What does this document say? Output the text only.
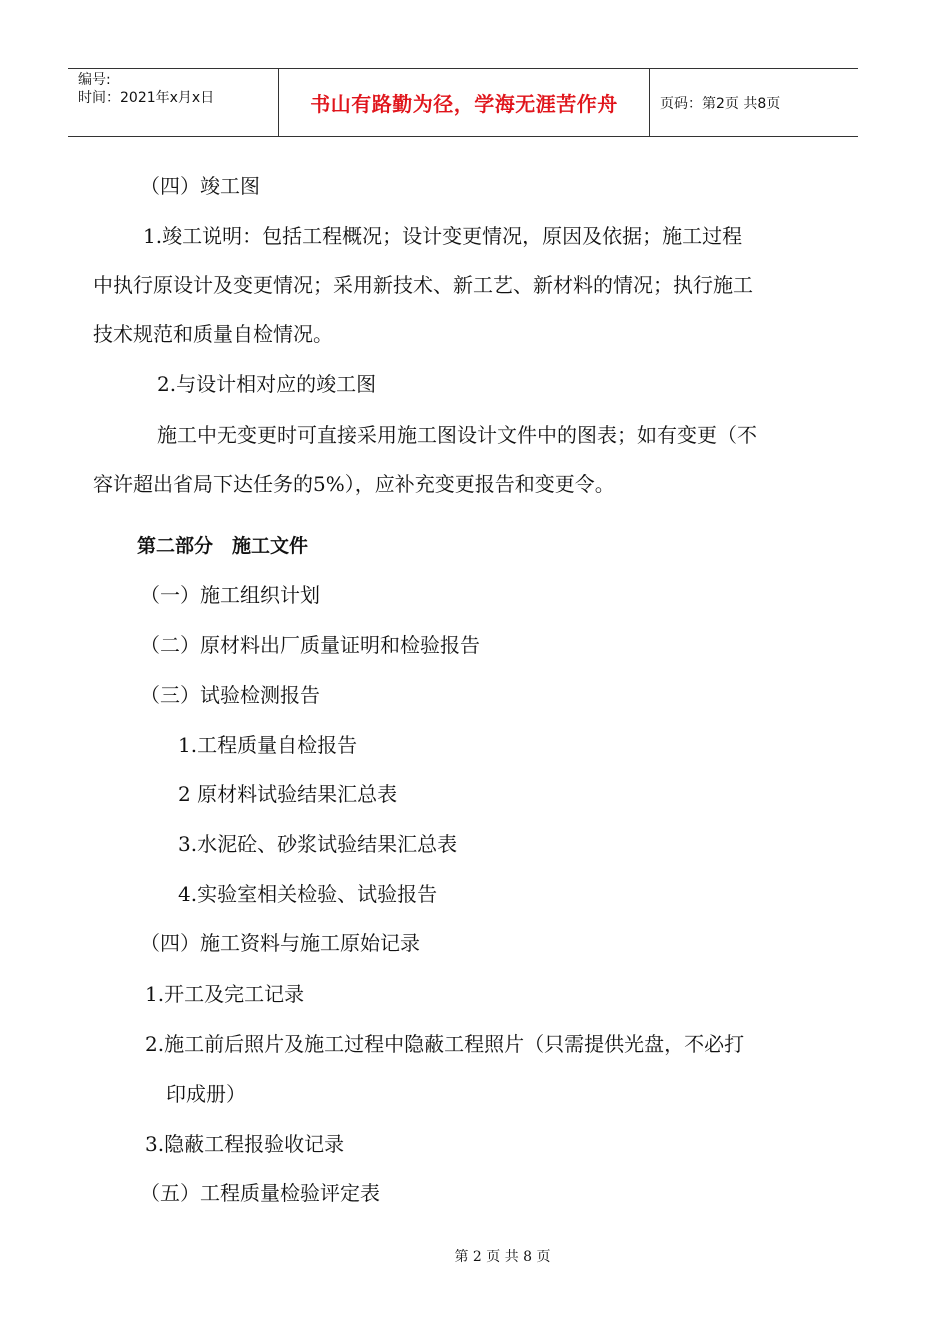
编号:
时间：2021年x月x日	书山有路勤为径，学海无涯苦作舟	页码：第2页 共8页
（四）竣工图
1.竣工说明：包括工程概况；设计变更情况，原因及依据；施工过程
中执行原设计及变更情况；采用新技术、新工艺、新材料的情况；执行施工
技术规范和质量自检情况。
2.与设计相对应的竣工图
施工中无变更时可直接采用施工图设计文件中的图表；如有变更（不
容许超出省局下达任务的5%），应补充变更报告和变更令。
第二部分　施工文件
（一）施工组织计划
（二）原材料出厂质量证明和检验报告
（三）试验检测报告
1.工程质量自检报告
2 原材料试验结果汇总表
3.水泥砼、砂浆试验结果汇总表
4.实验室相关检验、试验报告
（四）施工资料与施工原始记录
1.开工及完工记录
2.施工前后照片及施工过程中隐蔽工程照片（只需提供光盘，不必打
印成册）
3.隐蔽工程报验收记录
（五）工程质量检验评定表
第 2 页 共 8 页
